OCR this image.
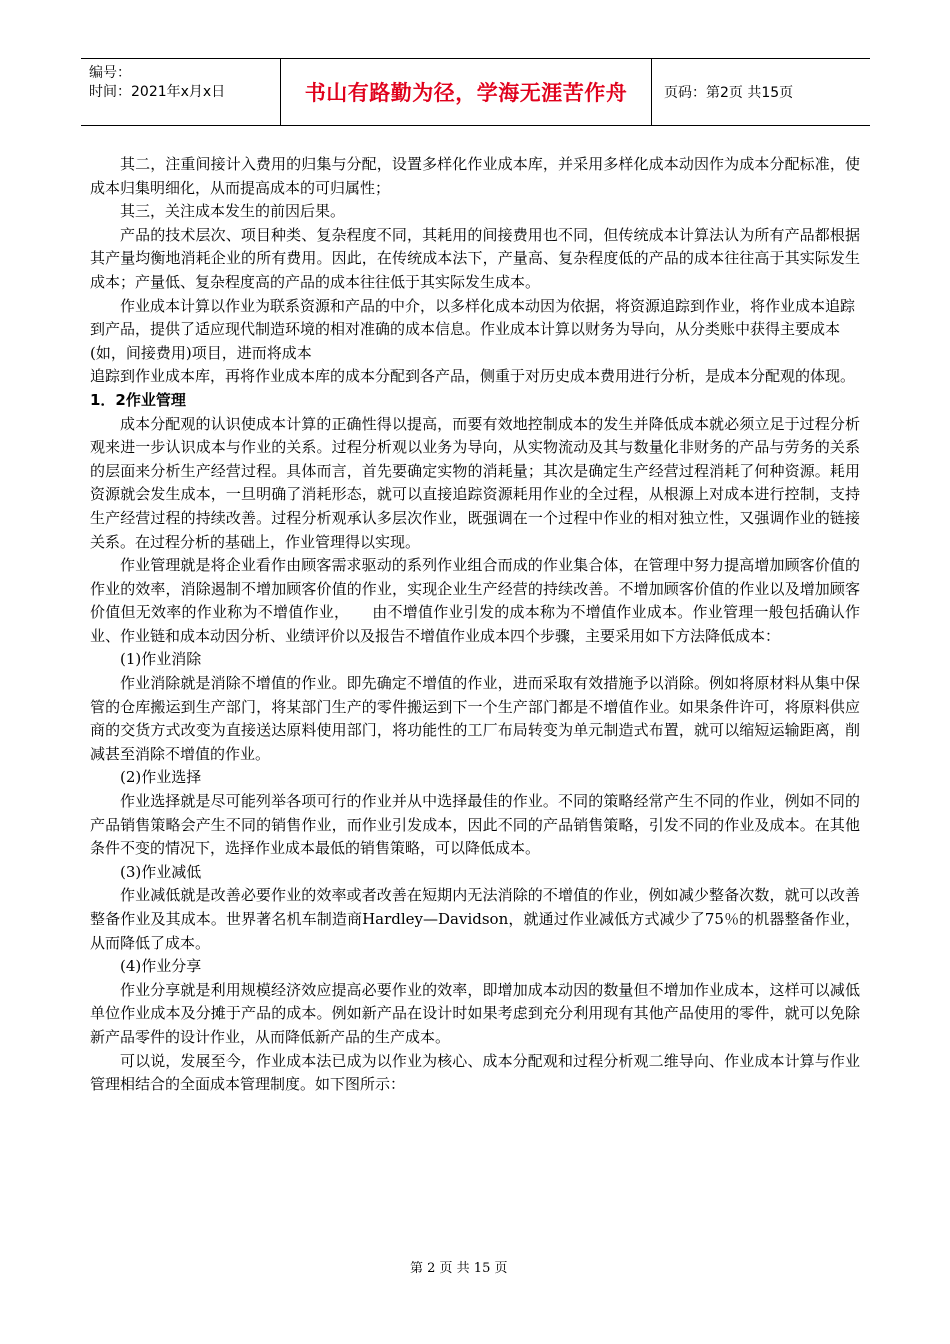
编号：
时间：2021年x月x日	书山有路勤为径，学海无涯苦作舟	页码：第2页 共15页

其二，注重间接计入费用的归集与分配，设置多样化作业成本库，并采用多样化成本动因作为成本分配标准，使成本归集明细化，从而提高成本的可归属性；

其三，关注成本发生的前因后果。

产品的技术层次、项目种类、复杂程度不同，其耗用的间接费用也不同，但传统成本计算法认为所有产品都根据其产量均衡地消耗企业的所有费用。因此，在传统成本法下，产量高、复杂程度低的产品的成本往往高于其实际发生成本；产量低、复杂程度高的产品的成本往往低于其实际发生成本。

作业成本计算以作业为联系资源和产品的中介，以多样化成本动因为依据，将资源追踪到作业，将作业成本追踪到产品，提供了适应现代制造环境的相对准确的成本信息。作业成本计算以财务为导向，从分类账中获得主要成本(如，间接费用)项目，进而将成本

追踪到作业成本库，再将作业成本库的成本分配到各产品，侧重于对历史成本费用进行分析，是成本分配观的体现。

1．2作业管理

成本分配观的认识使成本计算的正确性得以提高，而要有效地控制成本的发生并降低成本就必须立足于过程分析观来进一步认识成本与作业的关系。过程分析观以业务为导向，从实物流动及其与数量化非财务的产品与劳务的关系的层面来分析生产经营过程。具体而言，首先要确定实物的消耗量；其次是确定生产经营过程消耗了何种资源。耗用资源就会发生成本，一旦明确了消耗形态，就可以直接追踪资源耗用作业的全过程，从根源上对成本进行控制，支持生产经营过程的持续改善。过程分析观承认多层次作业，既强调在一个过程中作业的相对独立性，又强调作业的链接关系。在过程分析的基础上，作业管理得以实现。

作业管理就是将企业看作由顾客需求驱动的系列作业组合而成的作业集合体，在管理中努力提高增加顾客价值的作业的效率，消除遏制不增加顾客价值的作业，实现企业生产经营的持续改善。不增加顾客价值的作业以及增加顾客价值但无效率的作业称为不增值作业，　　由不增值作业引发的成本称为不增值作业成本。作业管理一般包括确认作业、作业链和成本动因分析、业绩评价以及报告不增值作业成本四个步骤，主要采用如下方法降低成本：

(1)作业消除

作业消除就是消除不增值的作业。即先确定不增值的作业，进而采取有效措施予以消除。例如将原材料从集中保管的仓库搬运到生产部门，将某部门生产的零件搬运到下一个生产部门都是不增值作业。如果条件许可，将原料供应商的交货方式改变为直接送达原料使用部门，将功能性的工厂布局转变为单元制造式布置，就可以缩短运输距离，削减甚至消除不增值的作业。

(2)作业选择

作业选择就是尽可能列举各项可行的作业并从中选择最佳的作业。不同的策略经常产生不同的作业，例如不同的产品销售策略会产生不同的销售作业，而作业引发成本，因此不同的产品销售策略，引发不同的作业及成本。在其他条件不变的情况下，选择作业成本最低的销售策略，可以降低成本。

(3)作业减低

作业减低就是改善必要作业的效率或者改善在短期内无法消除的不增值的作业，例如减少整备次数，就可以改善整备作业及其成本。世界著名机车制造商Hardley—Davidson，就通过作业减低方式减少了75％的机器整备作业，从而降低了成本。

(4)作业分享

作业分享就是利用规模经济效应提高必要作业的效率，即增加成本动因的数量但不增加作业成本，这样可以减低单位作业成本及分摊于产品的成本。例如新产品在设计时如果考虑到充分利用现有其他产品使用的零件，就可以免除新产品零件的设计作业，从而降低新产品的生产成本。

可以说，发展至今，作业成本法已成为以作业为核心、成本分配观和过程分析观二维导向、作业成本计算与作业管理相结合的全面成本管理制度。如下图所示：

第 2 页 共 15 页
